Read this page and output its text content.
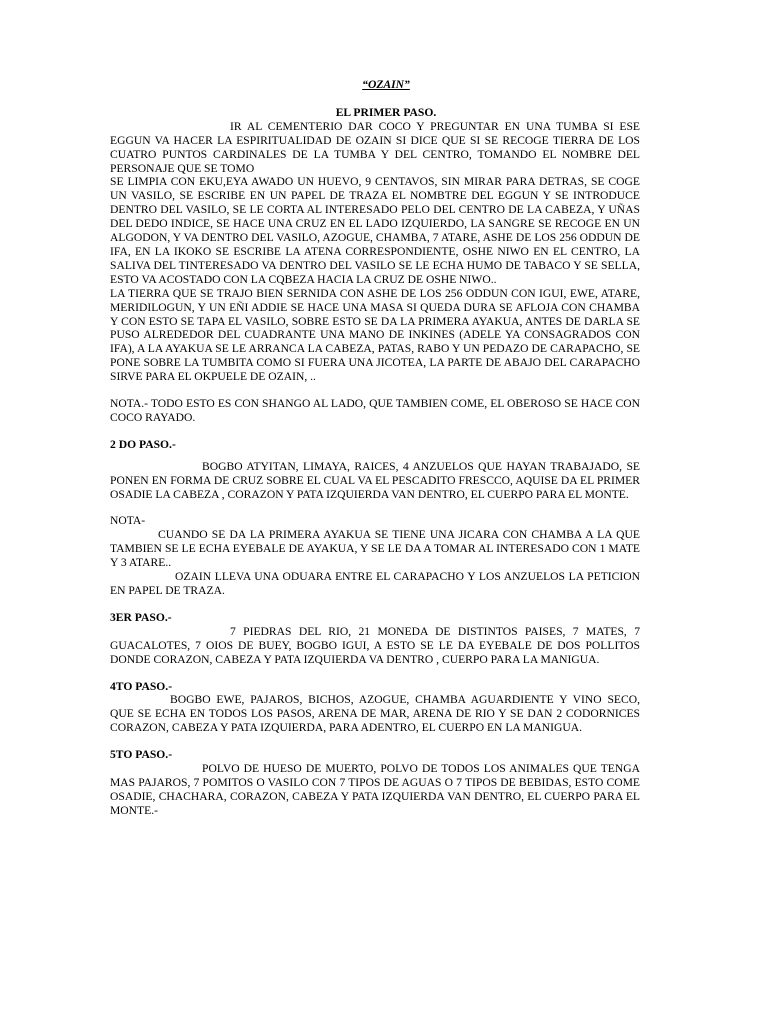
“OZAIN”

EL PRIMER PASO.

IR AL CEMENTERIO DAR COCO Y PREGUNTAR EN UNA TUMBA SI ESE EGGUN VA HACER LA ESPIRITUALIDAD DE OZAIN SI DICE QUE SI SE RECOGE TIERRA DE LOS CUATRO PUNTOS CARDINALES DE LA TUMBA Y DEL CENTRO, TOMANDO EL NOMBRE DEL PERSONAJE QUE SE TOMO

SE LIMPIA CON EKU,EYA AWADO UN HUEVO, 9 CENTAVOS, SIN MIRAR PARA DETRAS, SE COGE UN VASILO, SE ESCRIBE EN UN PAPEL DE TRAZA EL NOMBTRE DEL EGGUN Y SE INTRODUCE DENTRO DEL VASILO, SE LE CORTA AL INTERESADO PELO DEL CENTRO DE LA CABEZA, Y UÑAS DEL DEDO INDICE, SE HACE UNA CRUZ EN EL LADO IZQUIERDO, LA SANGRE SE RECOGE EN UN ALGODON, Y VA DENTRO DEL VASILO, AZOGUE, CHAMBA, 7 ATARE, ASHE DE LOS 256 ODDUN DE IFA, EN LA IKOKO SE ESCRIBE LA ATENA CORRESPONDIENTE, OSHE NIWO EN EL CENTRO, LA SALIVA DEL TINTERESADO VA DENTRO DEL VASILO SE LE ECHA HUMO DE TABACO Y SE SELLA, ESTO VA ACOSTADO CON LA CQBEZA HACIA LA CRUZ DE OSHE NIWO..

LA TIERRA QUE SE TRAJO BIEN SERNIDA CON ASHE DE LOS 256 ODDUN CON IGUI, EWE, ATARE, MERIDILOGUN, Y UN EÑI ADDIE SE HACE UNA MASA SI QUEDA DURA SE AFLOJA CON CHAMBA Y CON ESTO SE TAPA EL VASILO, SOBRE ESTO SE DA LA PRIMERA AYAKUA, ANTES DE DARLA SE PUSO ALREDEDOR DEL CUADRANTE UNA MANO DE INKINES (ADELE YA CONSAGRADOS CON IFA), A LA AYAKUA SE LE ARRANCA LA CABEZA, PATAS, RABO Y UN PEDAZO DE CARAPACHO, SE PONE SOBRE LA TUMBITA COMO SI FUERA UNA JICOTEA, LA PARTE DE ABAJO DEL CARAPACHO SIRVE PARA EL OKPUELE DE OZAIN, ..

NOTA.- TODO ESTO ES CON SHANGO AL LADO, QUE TAMBIEN COME, EL OBEROSO SE HACE CON COCO RAYADO.

2 DO PASO.-

BOGBO ATYITAN, LIMAYA, RAICES, 4 ANZUELOS QUE HAYAN TRABAJADO, SE PONEN EN FORMA DE CRUZ SOBRE EL CUAL VA EL PESCADITO FRESCCO, AQUISE DA EL PRIMER OSADIE LA CABEZA , CORAZON Y PATA IZQUIERDA VAN DENTRO, EL CUERPO PARA EL MONTE.

NOTA-

CUANDO SE DA LA PRIMERA AYAKUA SE TIENE UNA JICARA CON CHAMBA A LA QUE TAMBIEN SE LE ECHA EYEBALE DE AYAKUA, Y SE LE DA A TOMAR AL INTERESADO CON 1 MATE Y 3 ATARE..

OZAIN LLEVA UNA ODUARA ENTRE EL CARAPACHO Y LOS ANZUELOS LA PETICION EN PAPEL DE TRAZA.

3ER PASO.-

7 PIEDRAS DEL RIO, 21 MONEDA DE DISTINTOS PAISES, 7 MATES, 7 GUACALOTES, 7 OIOS DE BUEY, BOGBO IGUI, A ESTO SE LE DA EYEBALE DE DOS POLLITOS DONDE CORAZON, CABEZA Y PATA IZQUIERDA VA DENTRO , CUERPO PARA LA MANIGUA.

4TO PASO.-

BOGBO EWE, PAJAROS, BICHOS, AZOGUE, CHAMBA AGUARDIENTE Y VINO SECO, QUE SE ECHA EN TODOS LOS PASOS, ARENA DE MAR, ARENA DE RIO Y SE DAN 2 CODORNICES CORAZON, CABEZA Y PATA IZQUIERDA, PARA ADENTRO, EL CUERPO EN LA MANIGUA.

5TO PASO.-

POLVO DE HUESO DE MUERTO, POLVO DE TODOS LOS ANIMALES QUE TENGA MAS PAJAROS, 7 POMITOS O VASILO CON 7 TIPOS DE AGUAS O 7 TIPOS DE BEBIDAS, ESTO COME OSADIE, CHACHARA, CORAZON, CABEZA Y PATA IZQUIERDA VAN DENTRO, EL CUERPO PARA EL MONTE.-
